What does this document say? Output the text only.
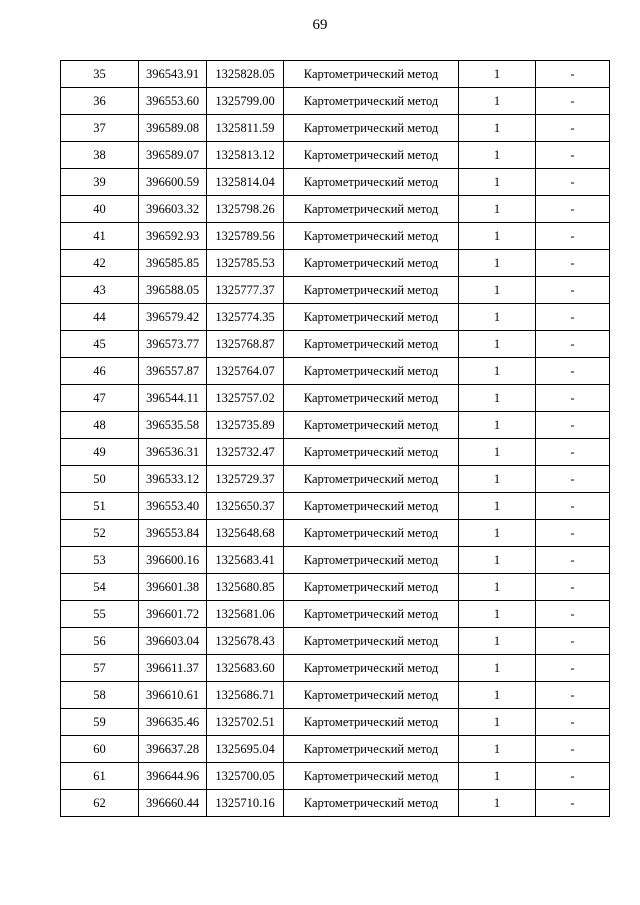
69
35	396543.91	1325828.05	Картометрический метод	1	-
36	396553.60	1325799.00	Картометрический метод	1	-
37	396589.08	1325811.59	Картометрический метод	1	-
38	396589.07	1325813.12	Картометрический метод	1	-
39	396600.59	1325814.04	Картометрический метод	1	-
40	396603.32	1325798.26	Картометрический метод	1	-
41	396592.93	1325789.56	Картометрический метод	1	-
42	396585.85	1325785.53	Картометрический метод	1	-
43	396588.05	1325777.37	Картометрический метод	1	-
44	396579.42	1325774.35	Картометрический метод	1	-
45	396573.77	1325768.87	Картометрический метод	1	-
46	396557.87	1325764.07	Картометрический метод	1	-
47	396544.11	1325757.02	Картометрический метод	1	-
48	396535.58	1325735.89	Картометрический метод	1	-
49	396536.31	1325732.47	Картометрический метод	1	-
50	396533.12	1325729.37	Картометрический метод	1	-
51	396553.40	1325650.37	Картометрический метод	1	-
52	396553.84	1325648.68	Картометрический метод	1	-
53	396600.16	1325683.41	Картометрический метод	1	-
54	396601.38	1325680.85	Картометрический метод	1	-
55	396601.72	1325681.06	Картометрический метод	1	-
56	396603.04	1325678.43	Картометрический метод	1	-
57	396611.37	1325683.60	Картометрический метод	1	-
58	396610.61	1325686.71	Картометрический метод	1	-
59	396635.46	1325702.51	Картометрический метод	1	-
60	396637.28	1325695.04	Картометрический метод	1	-
61	396644.96	1325700.05	Картометрический метод	1	-
62	396660.44	1325710.16	Картометрический метод	1	-
